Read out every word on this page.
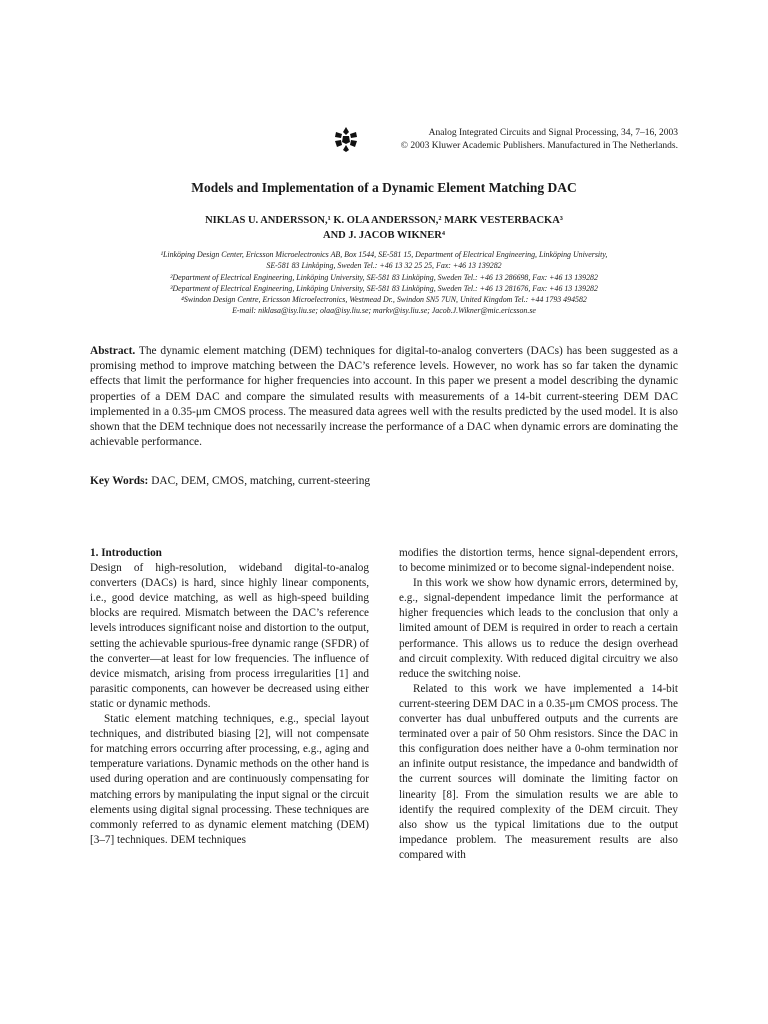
Analog Integrated Circuits and Signal Processing, 34, 7–16, 2003
© 2003 Kluwer Academic Publishers. Manufactured in The Netherlands.
Models and Implementation of a Dynamic Element Matching DAC
NIKLAS U. ANDERSSON,¹ K. OLA ANDERSSON,² MARK VESTERBACKA³
AND J. JACOB WIKNER⁴
¹Linköping Design Center, Ericsson Microelectronics AB, Box 1544, SE-581 15, Department of Electrical Engineering, Linköping University,
SE-581 83 Linköping, Sweden Tel.: +46 13 32 25 25, Fax: +46 13 139282
²Department of Electrical Engineering, Linköping University, SE-581 83 Linköping, Sweden Tel.: +46 13 286698, Fax: +46 13 139282
³Department of Electrical Engineering, Linköping University, SE-581 83 Linköping, Sweden Tel.: +46 13 281676, Fax: +46 13 139282
⁴Swindon Design Centre, Ericsson Microelectronics, Westmead Dr., Swindon SN5 7UN, United Kingdom Tel.: +44 1793 494582
E-mail: niklasa@isy.liu.se; olaa@isy.liu.se; markv@isy.liu.se; Jacob.J.Wikner@mic.ericsson.se
Abstract. The dynamic element matching (DEM) techniques for digital-to-analog converters (DACs) has been suggested as a promising method to improve matching between the DAC’s reference levels. However, no work has so far taken the dynamic effects that limit the performance for higher frequencies into account. In this paper we present a model describing the dynamic properties of a DEM DAC and compare the simulated results with measurements of a 14-bit current-steering DEM DAC implemented in a 0.35-μm CMOS process. The measured data agrees well with the results predicted by the used model. It is also shown that the DEM technique does not necessarily increase the performance of a DAC when dynamic errors are dominating the achievable performance.
Key Words: DAC, DEM, CMOS, matching, current-steering

1. Introduction

Design of high-resolution, wideband digital-to-analog converters (DACs) is hard, since highly linear components, i.e., good device matching, as well as high-speed building blocks are required. Mismatch between the DAC’s reference levels introduces significant noise and distortion to the output, setting the achievable spurious-free dynamic range (SFDR) of the converter—at least for low frequencies. The influence of device mismatch, arising from process irregularities [1] and parasitic components, can however be decreased using either static or dynamic methods.

Static element matching techniques, e.g., special layout techniques, and distributed biasing [2], will not compensate for matching errors occurring after processing, e.g., aging and temperature variations. Dynamic methods on the other hand is used during operation and are continuously compensating for matching errors by manipulating the input signal or the circuit elements using digital signal processing. These techniques are commonly referred to as dynamic element matching (DEM) [3–7] techniques. DEM techniques

modifies the distortion terms, hence signal-dependent errors, to become minimized or to become signal-independent noise.

In this work we show how dynamic errors, determined by, e.g., signal-dependent impedance limit the performance at higher frequencies which leads to the conclusion that only a limited amount of DEM is required in order to reach a certain performance. This allows us to reduce the design overhead and circuit complexity. With reduced digital circuitry we also reduce the switching noise.

Related to this work we have implemented a 14-bit current-steering DEM DAC in a 0.35-μm CMOS process. The converter has dual unbuffered outputs and the currents are terminated over a pair of 50 Ohm resistors. Since the DAC in this configuration does neither have a 0-ohm termination nor an infinite output resistance, the impedance and bandwidth of the current sources will dominate the limiting factor on linearity [8]. From the simulation results we are able to identify the required complexity of the DEM circuit. They also show us the typical limitations due to the output impedance problem. The measurement results are also compared with
